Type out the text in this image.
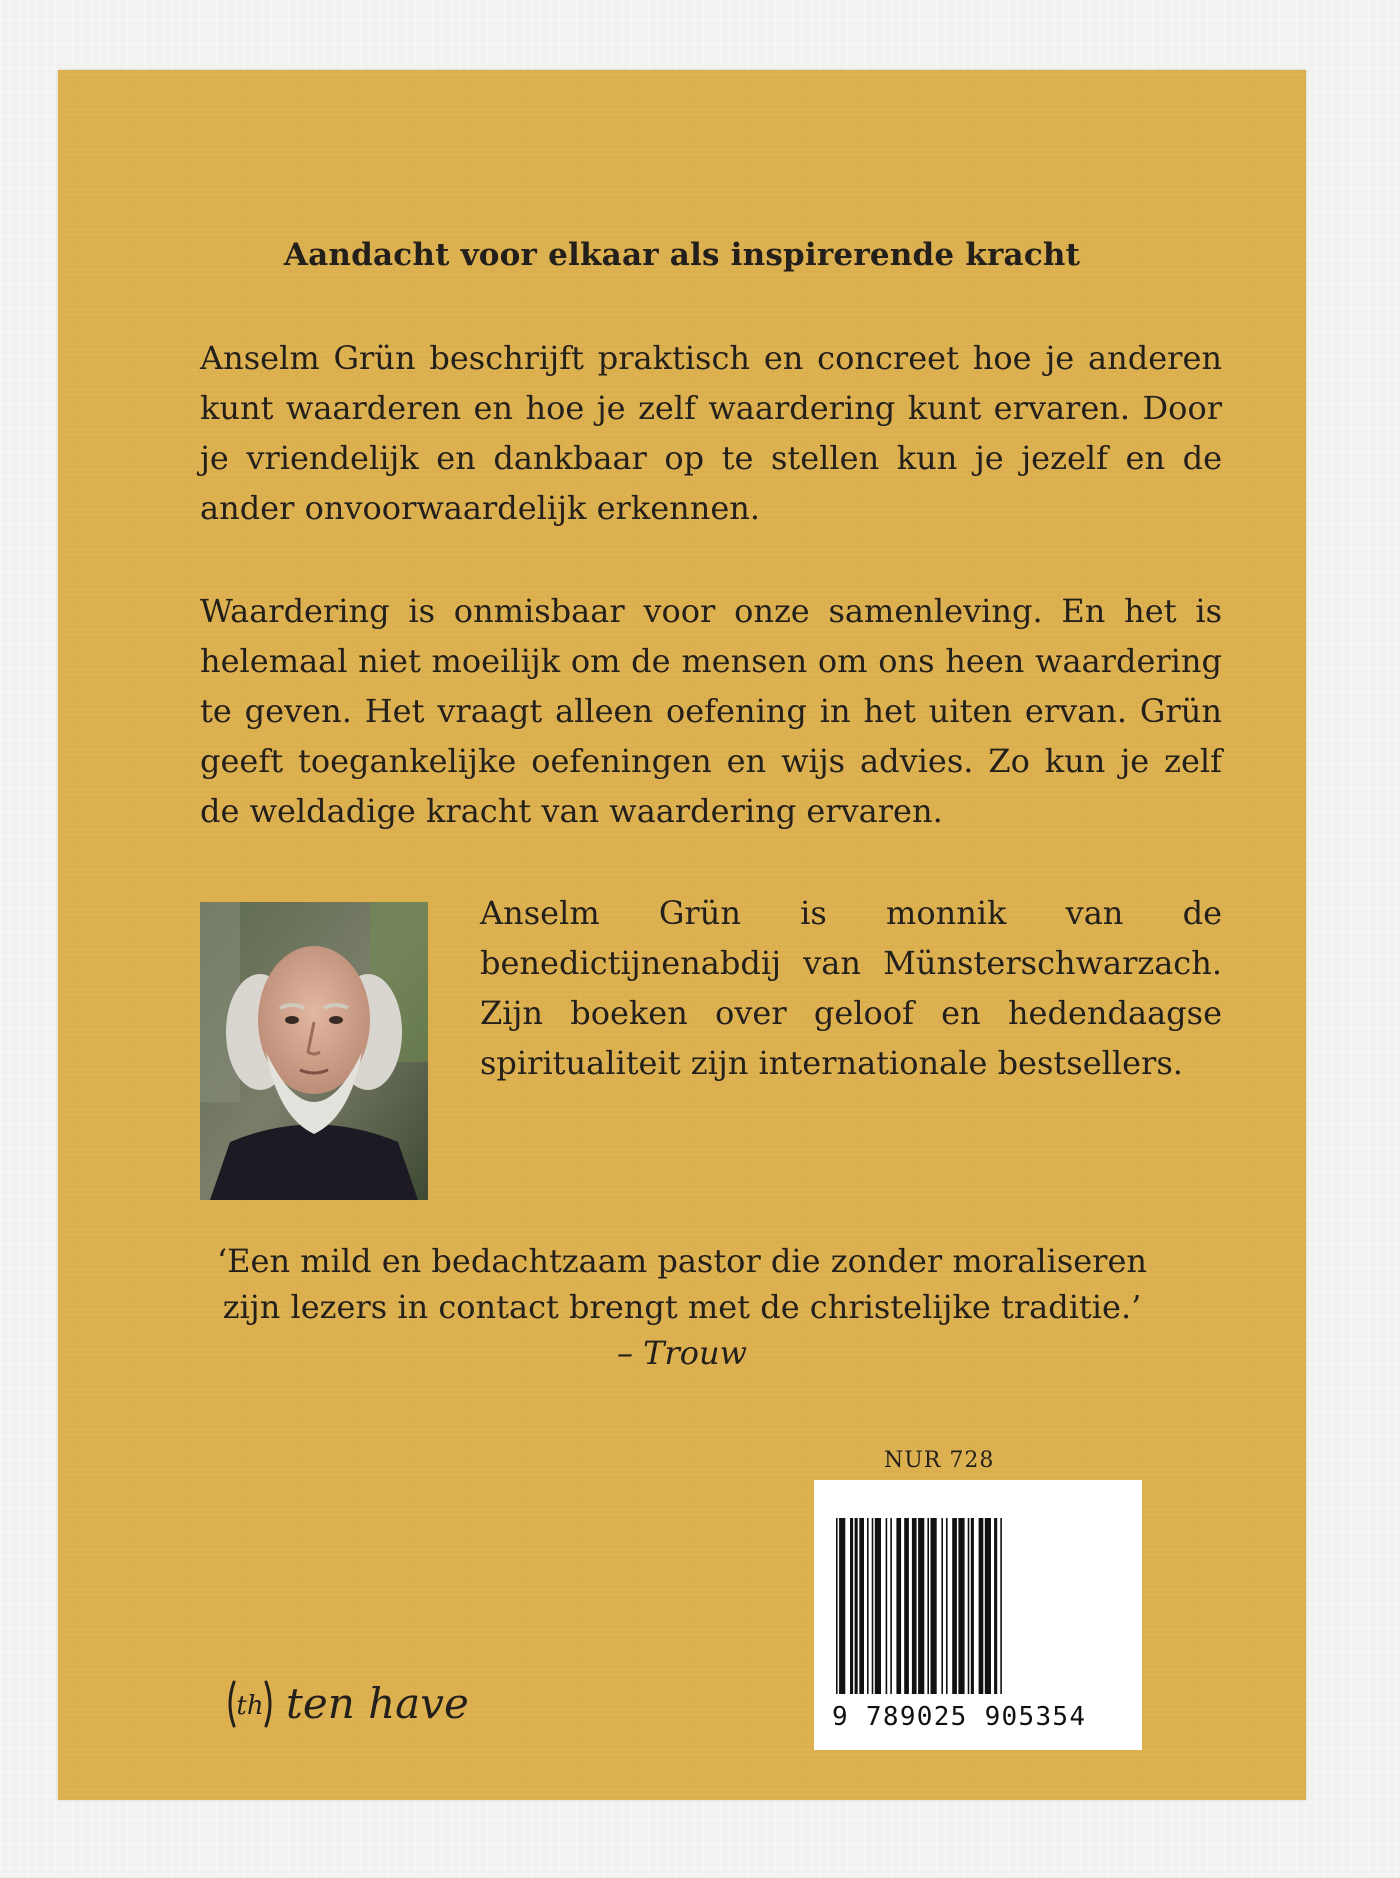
Aandacht voor elkaar als inspirerende kracht

Anselm Grün beschrijft praktisch en concreet hoe je anderen kunt waarderen en hoe je zelf waardering kunt ervaren. Door je vriendelijk en dankbaar op te stellen kun je jezelf en de ander onvoorwaardelijk erkennen.

Waardering is onmisbaar voor onze samenleving. En het is helemaal niet moeilijk om de mensen om ons heen waardering te geven. Het vraagt alleen oefening in het uiten ervan. Grün geeft toegankelijke oefeningen en wijs advies. Zo kun je zelf de weldadige kracht van waardering ervaren.

Anselm Grün is monnik van de benedictijnenabdij van Münsterschwarzach. Zijn boeken over geloof en hedendaagse spiritualiteit zijn internationale bestsellers.

‘Een mild en bedachtzaam pastor die zonder moraliseren
zijn lezers in contact brengt met de christelijke traditie.’
– Trouw
NUR 728
9 789025 905354
th ten have
